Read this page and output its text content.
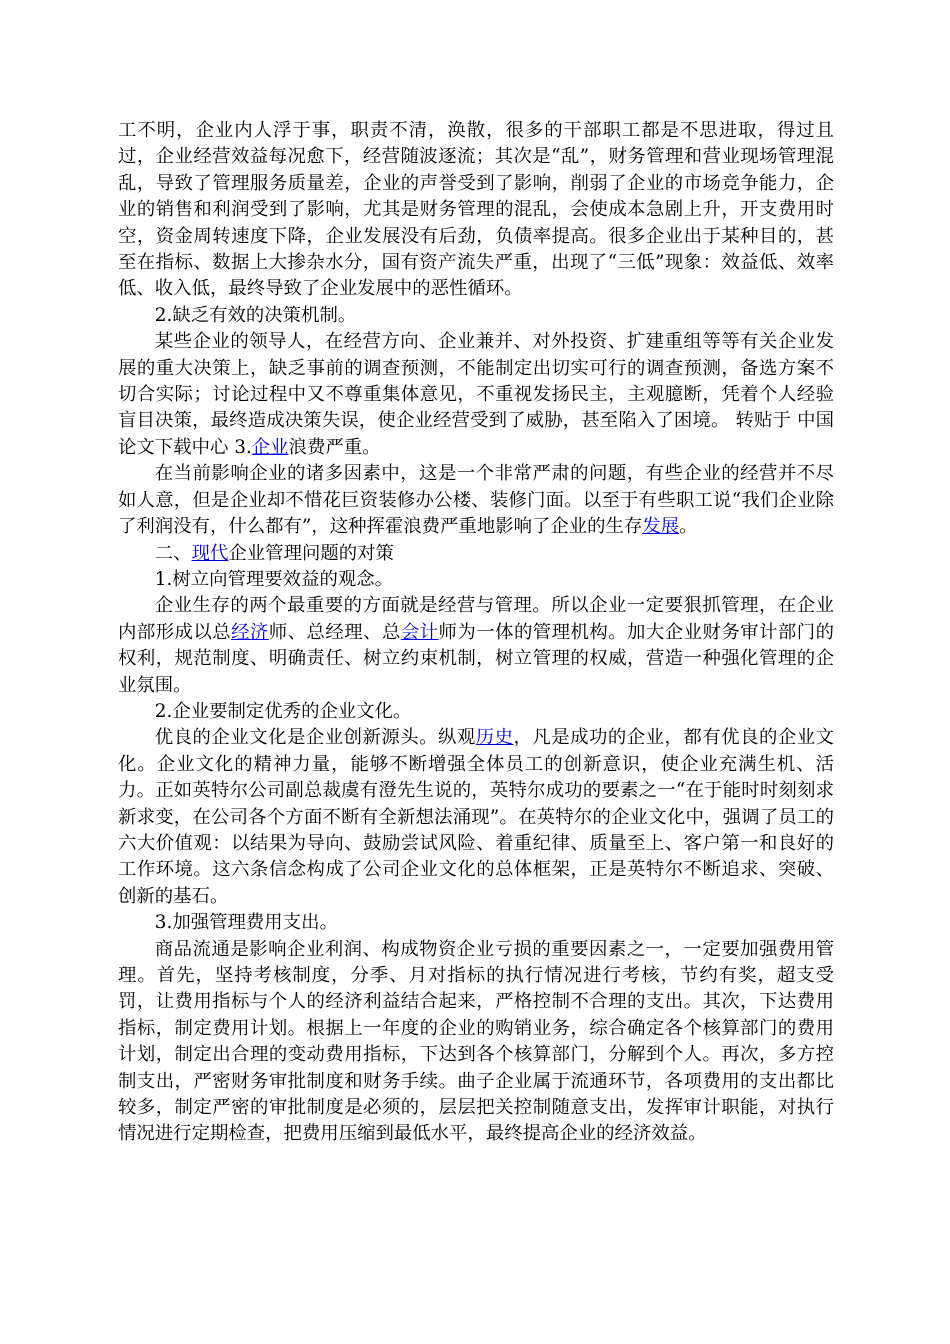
工不明，企业内人浮于事，职责不清，涣散，很多的干部职工都是不思进取，得过且过，企业经营效益每况愈下，经营随波逐流；其次是“乱”，财务管理和营业现场管理混乱，导致了管理服务质量差，企业的声誉受到了影响，削弱了企业的市场竞争能力，企业的销售和利润受到了影响，尤其是财务管理的混乱，会使成本急剧上升，开支费用时空，资金周转速度下降，企业发展没有后劲，负债率提高。很多企业出于某种目的，甚至在指标、数据上大掺杂水分，国有资产流失严重，出现了“三低”现象：效益低、效率低、收入低，最终导致了企业发展中的恶性循环。

2.缺乏有效的决策机制。

某些企业的领导人，在经营方向、企业兼并、对外投资、扩建重组等等有关企业发展的重大决策上，缺乏事前的调查预测，不能制定出切实可行的调查预测，备选方案不切合实际；讨论过程中又不尊重集体意见，不重视发扬民主，主观臆断，凭着个人经验盲目决策，最终造成决策失误，使企业经营受到了威胁，甚至陷入了困境。 转贴于 中国论文下载中心 3.企业浪费严重。

在当前影响企业的诸多因素中，这是一个非常严肃的问题，有些企业的经营并不尽如人意，但是企业却不惜花巨资装修办公楼、装修门面。以至于有些职工说“我们企业除了利润没有，什么都有”，这种挥霍浪费严重地影响了企业的生存发展。

二、现代企业管理问题的对策

1.树立向管理要效益的观念。

企业生存的两个最重要的方面就是经营与管理。所以企业一定要狠抓管理，在企业内部形成以总经济师、总经理、总会计师为一体的管理机构。加大企业财务审计部门的权利，规范制度、明确责任、树立约束机制，树立管理的权威，营造一种强化管理的企业氛围。

2.企业要制定优秀的企业文化。

优良的企业文化是企业创新源头。纵观历史，凡是成功的企业，都有优良的企业文化。企业文化的精神力量，能够不断增强全体员工的创新意识，使企业充满生机、活力。正如英特尔公司副总裁虞有澄先生说的，英特尔成功的要素之一“在于能时时刻刻求新求变，在公司各个方面不断有全新想法涌现”。在英特尔的企业文化中，强调了员工的六大价值观：以结果为导向、鼓励尝试风险、着重纪律、质量至上、客户第一和良好的工作环境。这六条信念构成了公司企业文化的总体框架，正是英特尔不断追求、突破、创新的基石。

3.加强管理费用支出。

商品流通是影响企业利润、构成物资企业亏损的重要因素之一，一定要加强费用管理。首先，坚持考核制度，分季、月对指标的执行情况进行考核，节约有奖，超支受罚，让费用指标与个人的经济利益结合起来，严格控制不合理的支出。其次，下达费用指标，制定费用计划。根据上一年度的企业的购销业务，综合确定各个核算部门的费用计划，制定出合理的变动费用指标，下达到各个核算部门，分解到个人。再次，多方控制支出，严密财务审批制度和财务手续。曲子企业属于流通环节，各项费用的支出都比较多，制定严密的审批制度是必须的，层层把关控制随意支出，发挥审计职能，对执行情况进行定期检查，把费用压缩到最低水平，最终提高企业的经济效益。
